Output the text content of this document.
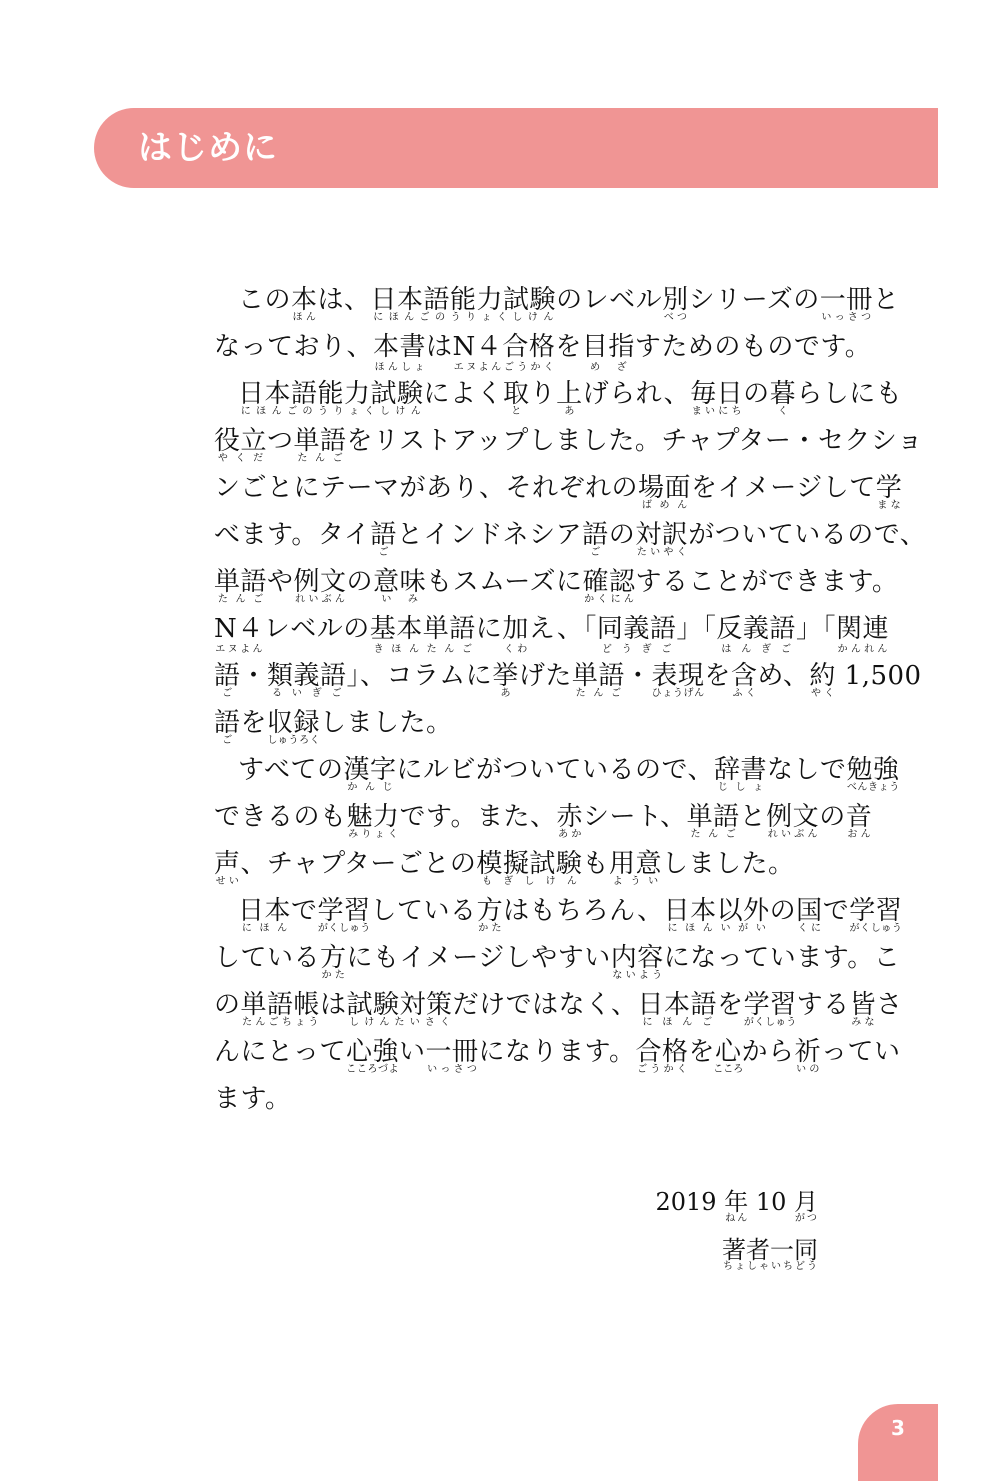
はじめに
この本ほんは、日本語能力試験にほんごのうりょくしけんのレベル別べつシリーズの一冊いっさつと
なっており、本書ほんしょはN４エヌよん合格ごうかくを目指めざすためのものです。
日本語能力試験にほんごのうりょくしけんによく取とり上あげられ、毎日まいにちの暮くらしにも
役立やくだつ単語たんごをリストアップしました。チャプター・セクショ
ンごとにテーマがあり、それぞれの場面ばめんをイメージして学まな
べます。タイ語ごとインドネシア語ごの対訳たいやくがついているので、
単語たんごや例文れいぶんの意味いみもスムーズに確認かくにんすることができます。
N４エヌよんレベルの基本単語きほんたんごに加くわえ、「同義語どうぎご」「反義語はんぎご」「関連かんれん
語ご・類義語るいぎご」、コラムに挙あげた単語たんご・表現ひょうげんを含ふくめ、約やく 1,500
語ごを収録しゅうろくしました。
すべての漢字かんじにルビがついているので、辞書じしょなしで勉強べんきょう
できるのも魅力みりょくです。また、赤あかシート、単語たんごと例文れいぶんの音おん
声せい、チャプターごとの模擬試験もぎしけんも用意よういしました。
日本にほんで学習がくしゅうしている方かたはもちろん、日本以外にほんいがいの国くにで学習がくしゅう
している方かたにもイメージしやすい内容ないようになっています。こ
の単語帳たんごちょうは試験対策しけんたいさくだけではなく、日本語にほんごを学習がくしゅうする皆みなさ
んにとって心強こころづよい一冊いっさつになります。合格ごうかくを心こころから祈いのってい
ます。
2019 年ねん 10 月がつ
著者一同ちょしゃいちどう
3
